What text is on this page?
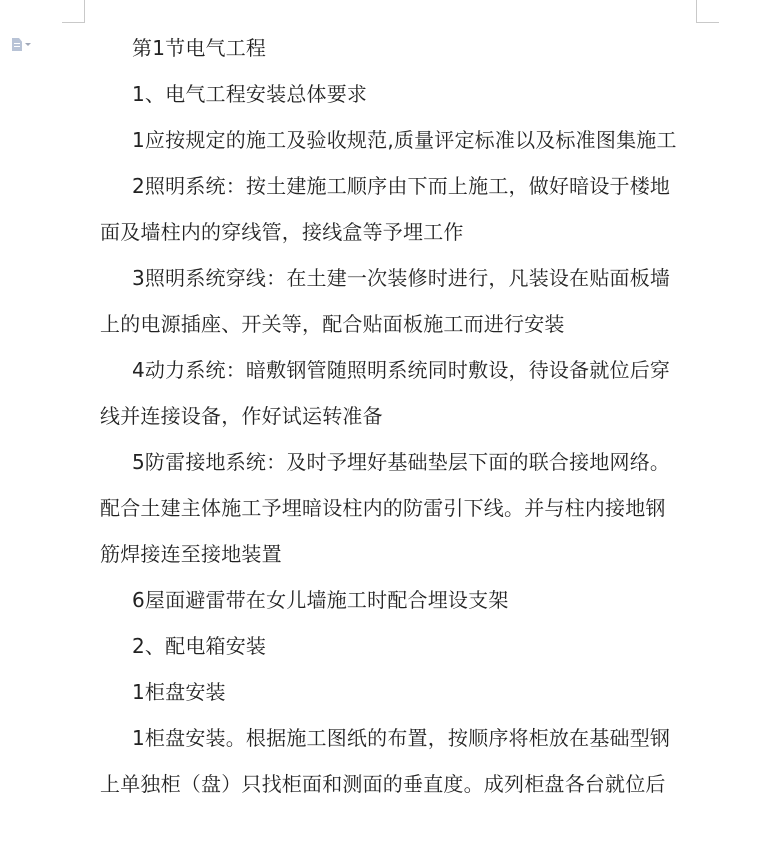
第1节电气工程

1、电气工程安装总体要求

1应按规定的施工及验收规范,质量评定标准以及标准图集施工

2照明系统：按土建施工顺序由下而上施工，做好暗设于楼地面及墙柱内的穿线管，接线盒等予埋工作

3照明系统穿线：在土建一次装修时进行，凡装设在贴面板墙上的电源插座、开关等，配合贴面板施工而进行安装

4动力系统：暗敷钢管随照明系统同时敷设，待设备就位后穿线并连接设备，作好试运转准备

5防雷接地系统：及时予埋好基础垫层下面的联合接地网络。配合土建主体施工予埋暗设柱内的防雷引下线。并与柱内接地钢筋焊接连至接地装置

6屋面避雷带在女儿墙施工时配合埋设支架

2、配电箱安装

1柜盘安装

1柜盘安装。根据施工图纸的布置，按顺序将柜放在基础型钢上单独柜（盘）只找柜面和测面的垂直度。成列柜盘各台就位后
